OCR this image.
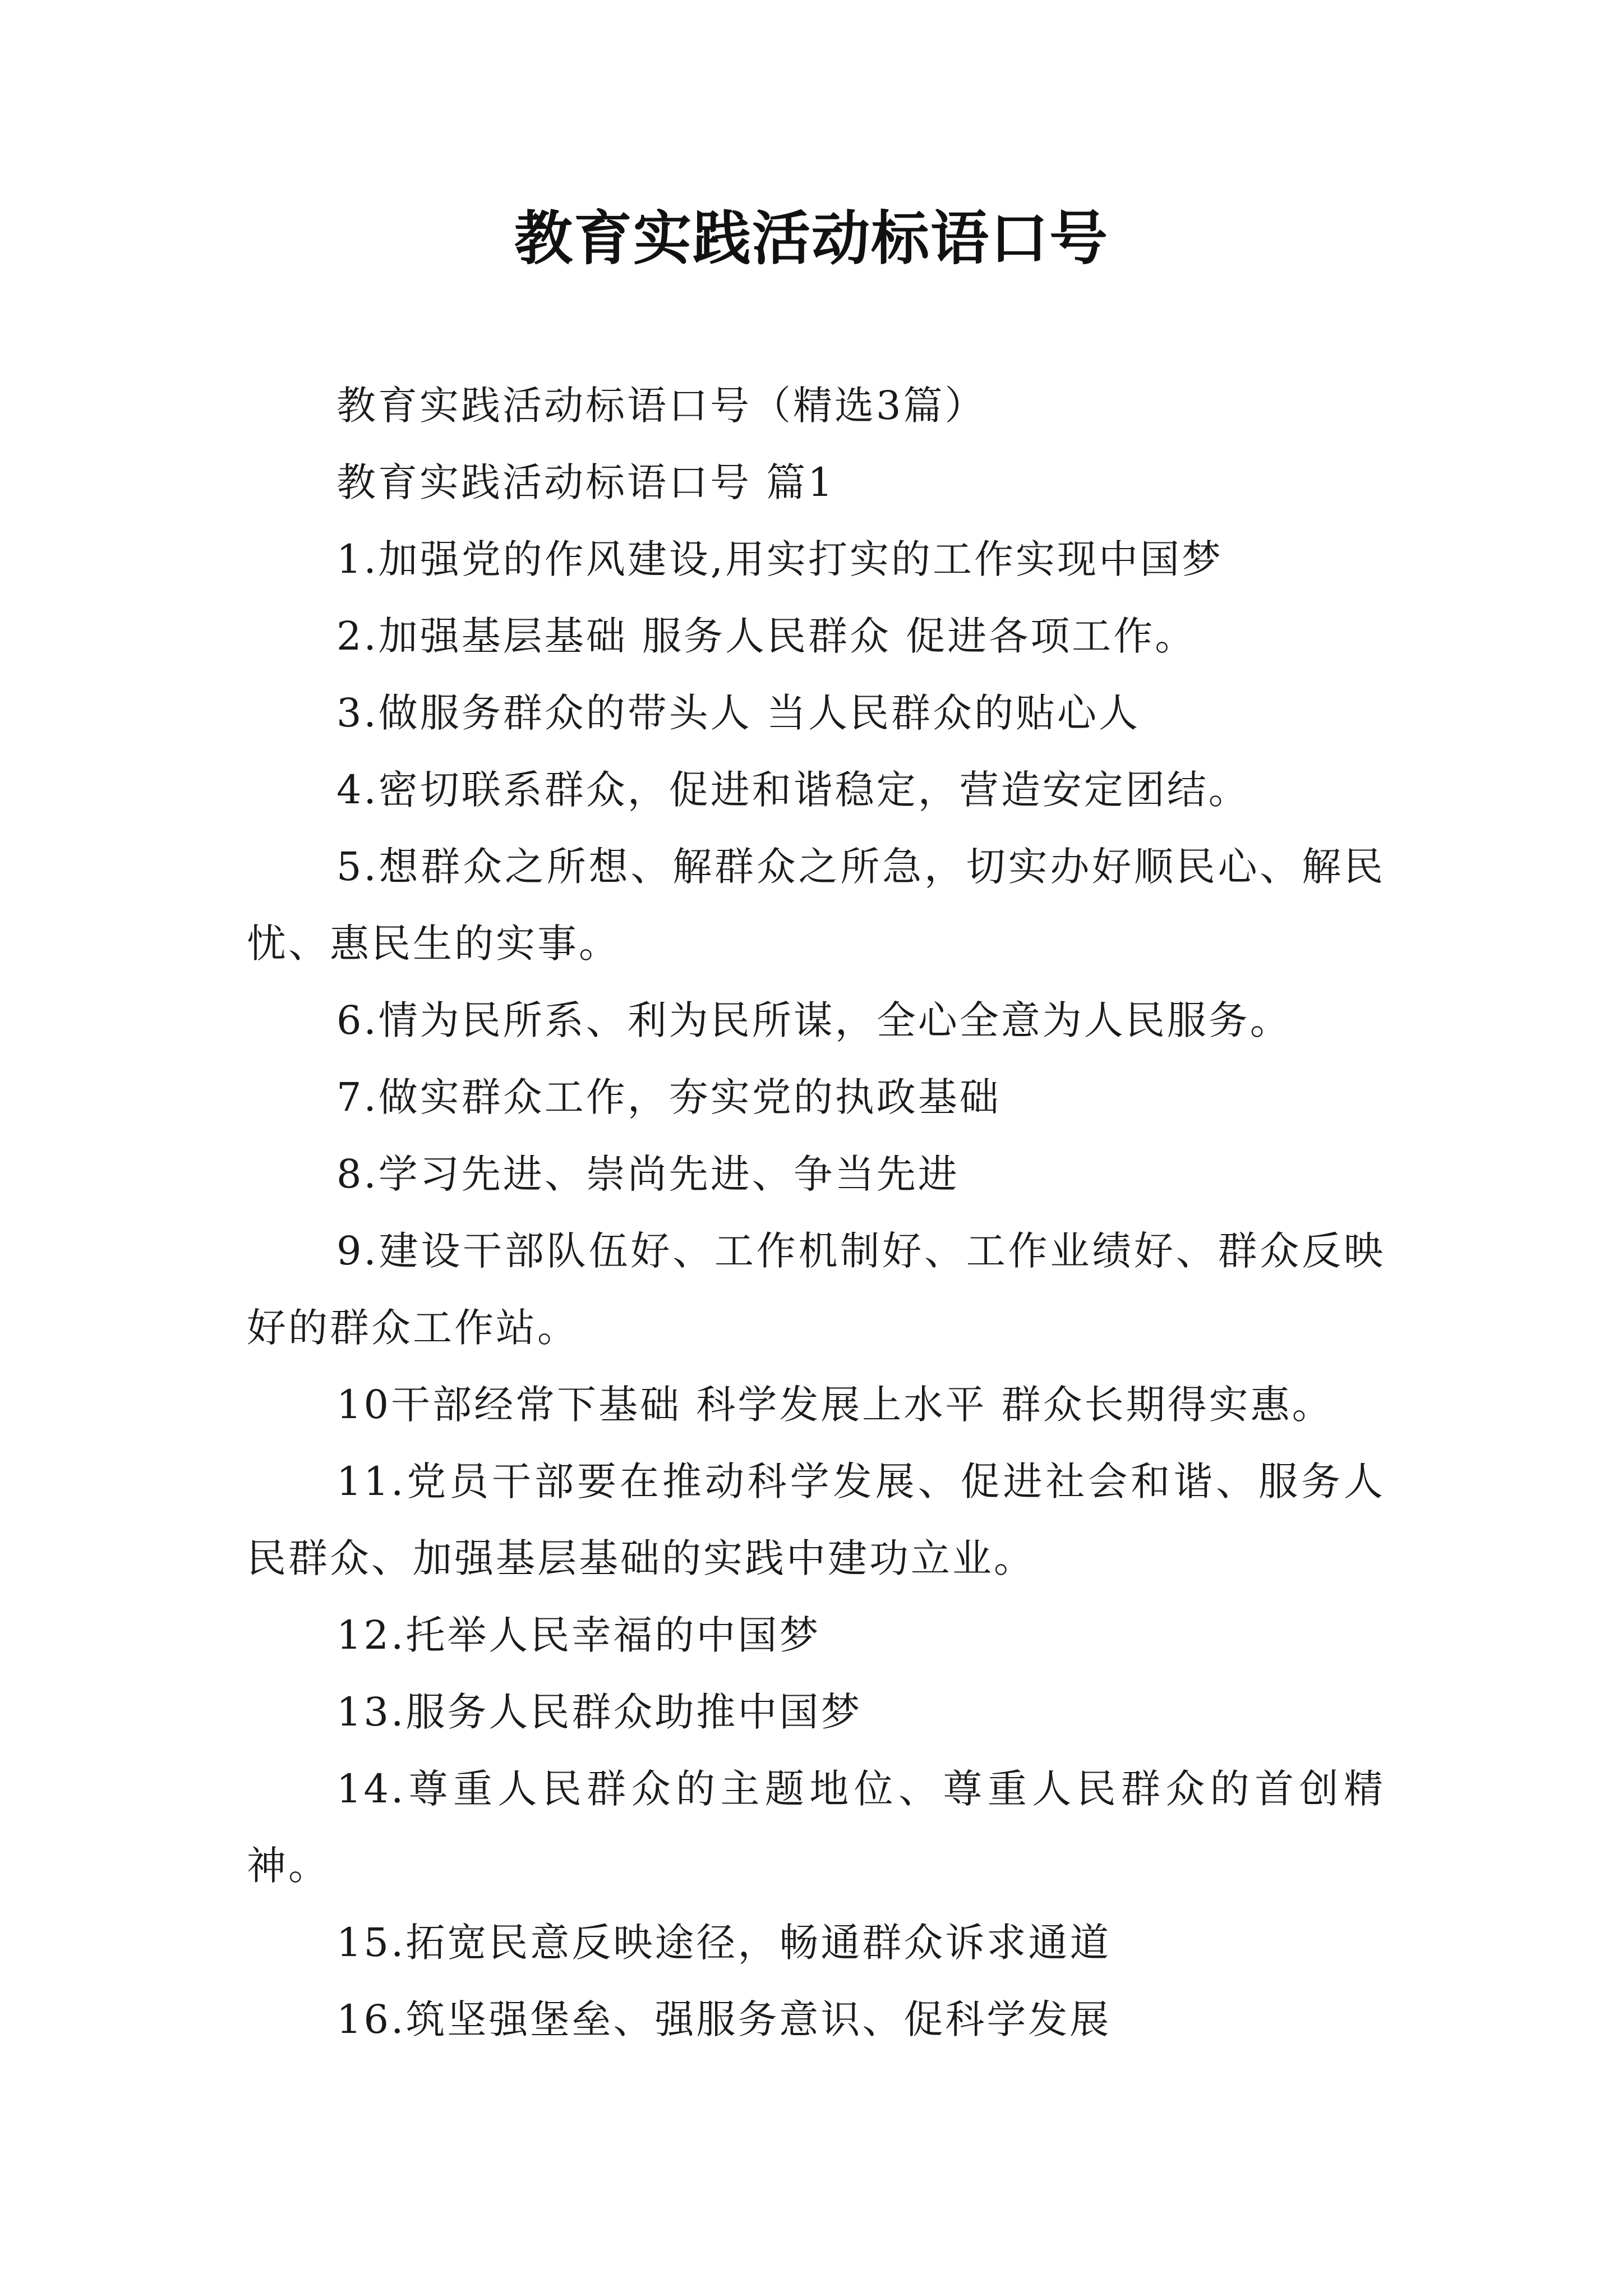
教育实践活动标语口号

教育实践活动标语口号（精选3篇）

教育实践活动标语口号 篇1

1.加强党的作风建设,用实打实的工作实现中国梦

2.加强基层基础 服务人民群众 促进各项工作。

3.做服务群众的带头人 当人民群众的贴心人

4.密切联系群众，促进和谐稳定，营造安定团结。

5.想群众之所想、解群众之所急，切实办好顺民心、解民忧、惠民生的实事。

6.情为民所系、利为民所谋，全心全意为人民服务。

7.做实群众工作，夯实党的执政基础

8.学习先进、崇尚先进、争当先进

9.建设干部队伍好、工作机制好、工作业绩好、群众反映好的群众工作站。

10干部经常下基础 科学发展上水平 群众长期得实惠。

11.党员干部要在推动科学发展、促进社会和谐、服务人民群众、加强基层基础的实践中建功立业。

12.托举人民幸福的中国梦

13.服务人民群众助推中国梦

14.尊重人民群众的主题地位、尊重人民群众的首创精神。

15.拓宽民意反映途径，畅通群众诉求通道

16.筑坚强堡垒、强服务意识、促科学发展
